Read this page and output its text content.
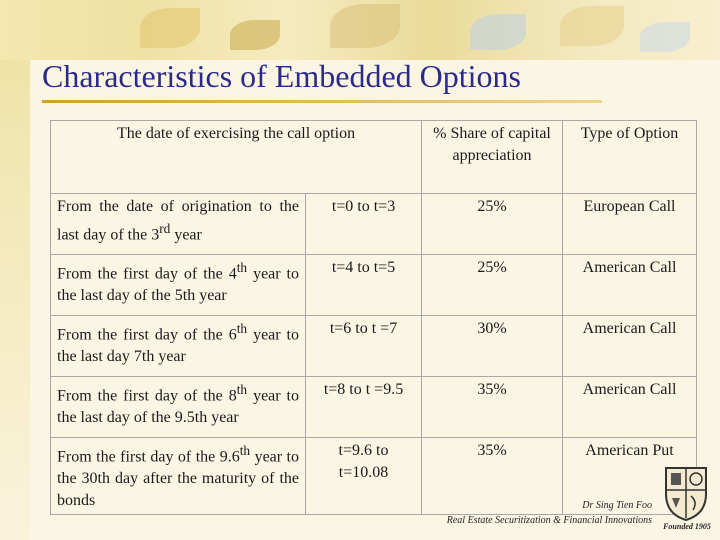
Characteristics of Embedded Options
The date of exercising the call option		% Share of capital appreciation	Type of Option
From the date of origination to the last day of the 3rd year	t=0 to t=3	25%	European Call
From the first day of the 4th year to the last day of the 5th year	t=4 to t=5	25%	American Call
From the first day of the 6th year to the last day 7th year	t=6 to t =7	30%	American Call
From the first day of the 8th year to the last day of the 9.5th year	t=8 to t =9.5	35%	American Call
From the first day of the 9.6th year to the 30th day after the maturity of the bonds	t=9.6 to t=10.08	35%	American Put
Founded 1905
Dr Sing Tien Foo
Real Estate Securitization & Financial Innovations
